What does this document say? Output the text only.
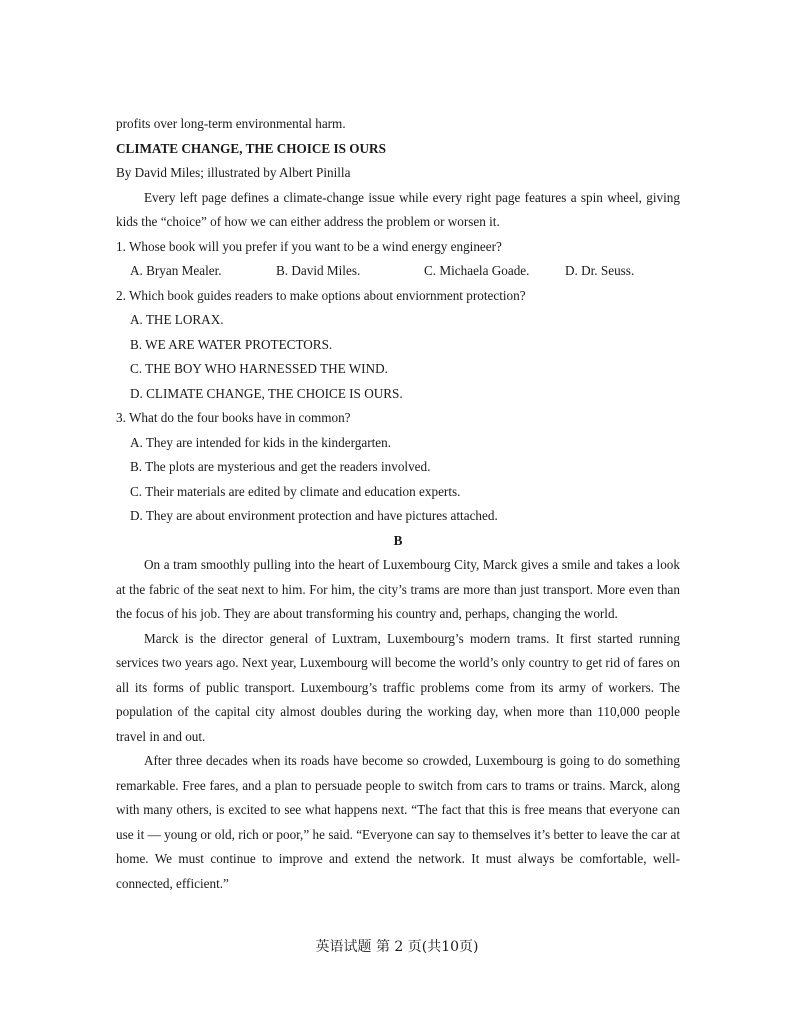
profits over long-term environmental harm.
CLIMATE CHANGE, THE CHOICE IS OURS
By David Miles; illustrated by Albert Pinilla

Every left page defines a climate-change issue while every right page features a spin wheel, giving kids the “choice” of how we can either address the problem or worsen it.

1. Whose book will you prefer if you want to be a wind energy engineer?
A. Bryan Mealer.	B. David Miles.	C. Michaela Goade.	D. Dr. Seuss.
2. Which book guides readers to make options about enviornment protection?
A. THE LORAX.
B. WE ARE WATER PROTECTORS.
C. THE BOY WHO HARNESSED THE WIND.
D. CLIMATE CHANGE, THE CHOICE IS OURS.
3. What do the four books have in common?
A. They are intended for kids in the kindergarten.
B. The plots are mysterious and get the readers involved.
C. Their materials are edited by climate and education experts.
D. They are about environment protection and have pictures attached.
B

On a tram smoothly pulling into the heart of Luxembourg City, Marck gives a smile and takes a look at the fabric of the seat next to him. For him, the city’s trams are more than just transport. More even than the focus of his job. They are about transforming his country and, perhaps, changing the world.

Marck is the director general of Luxtram, Luxembourg’s modern trams. It first started running services two years ago. Next year, Luxembourg will become the world’s only country to get rid of fares on all its forms of public transport. Luxembourg’s traffic problems come from its army of workers. The population of the capital city almost doubles during the working day, when more than 110,000 people travel in and out.

After three decades when its roads have become so crowded, Luxembourg is going to do something remarkable. Free fares, and a plan to persuade people to switch from cars to trams or trains. Marck, along with many others, is excited to see what happens next. “The fact that this is free means that everyone can use it — young or old, rich or poor,” he said. “Everyone can say to themselves it’s better to leave the car at home. We must continue to improve and extend the network. It must always be comfortable, well-connected, efficient.”

英语试题 第 2 页(共10页)
